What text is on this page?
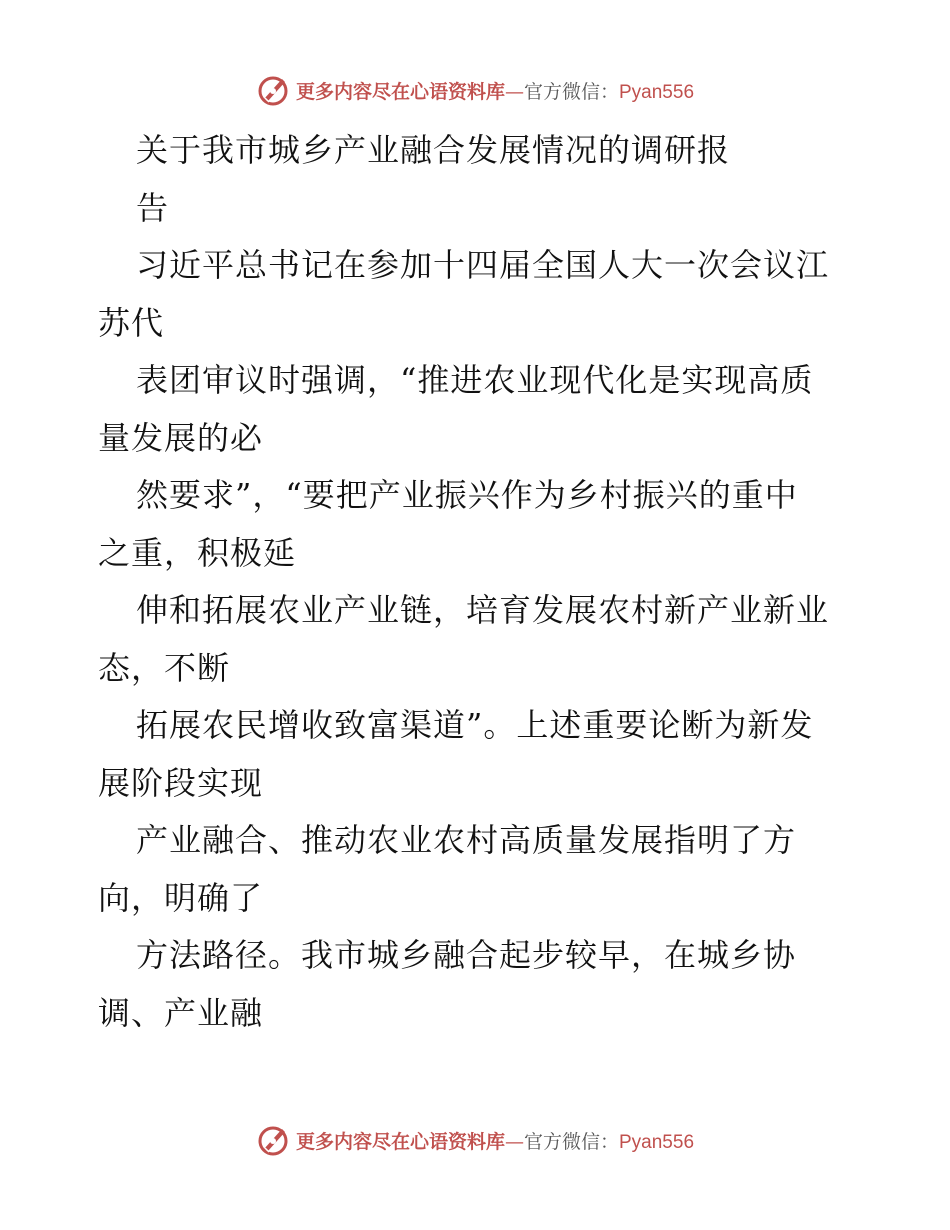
更多内容尽在心语资料库—官方微信：Pyan556
关于我市城乡产业融合发展情况的调研报
告
习近平总书记在参加十四届全国人大一次会议江
苏代
表团审议时强调，“推进农业现代化是实现高质
量发展的必
然要求”，“要把产业振兴作为乡村振兴的重中
之重，积极延
伸和拓展农业产业链，培育发展农村新产业新业
态，不断
拓展农民增收致富渠道”。上述重要论断为新发
展阶段实现
产业融合、推动农业农村高质量发展指明了方
向，明确了
方法路径。我市城乡融合起步较早，在城乡协
调、产业融
更多内容尽在心语资料库—官方微信：Pyan556
